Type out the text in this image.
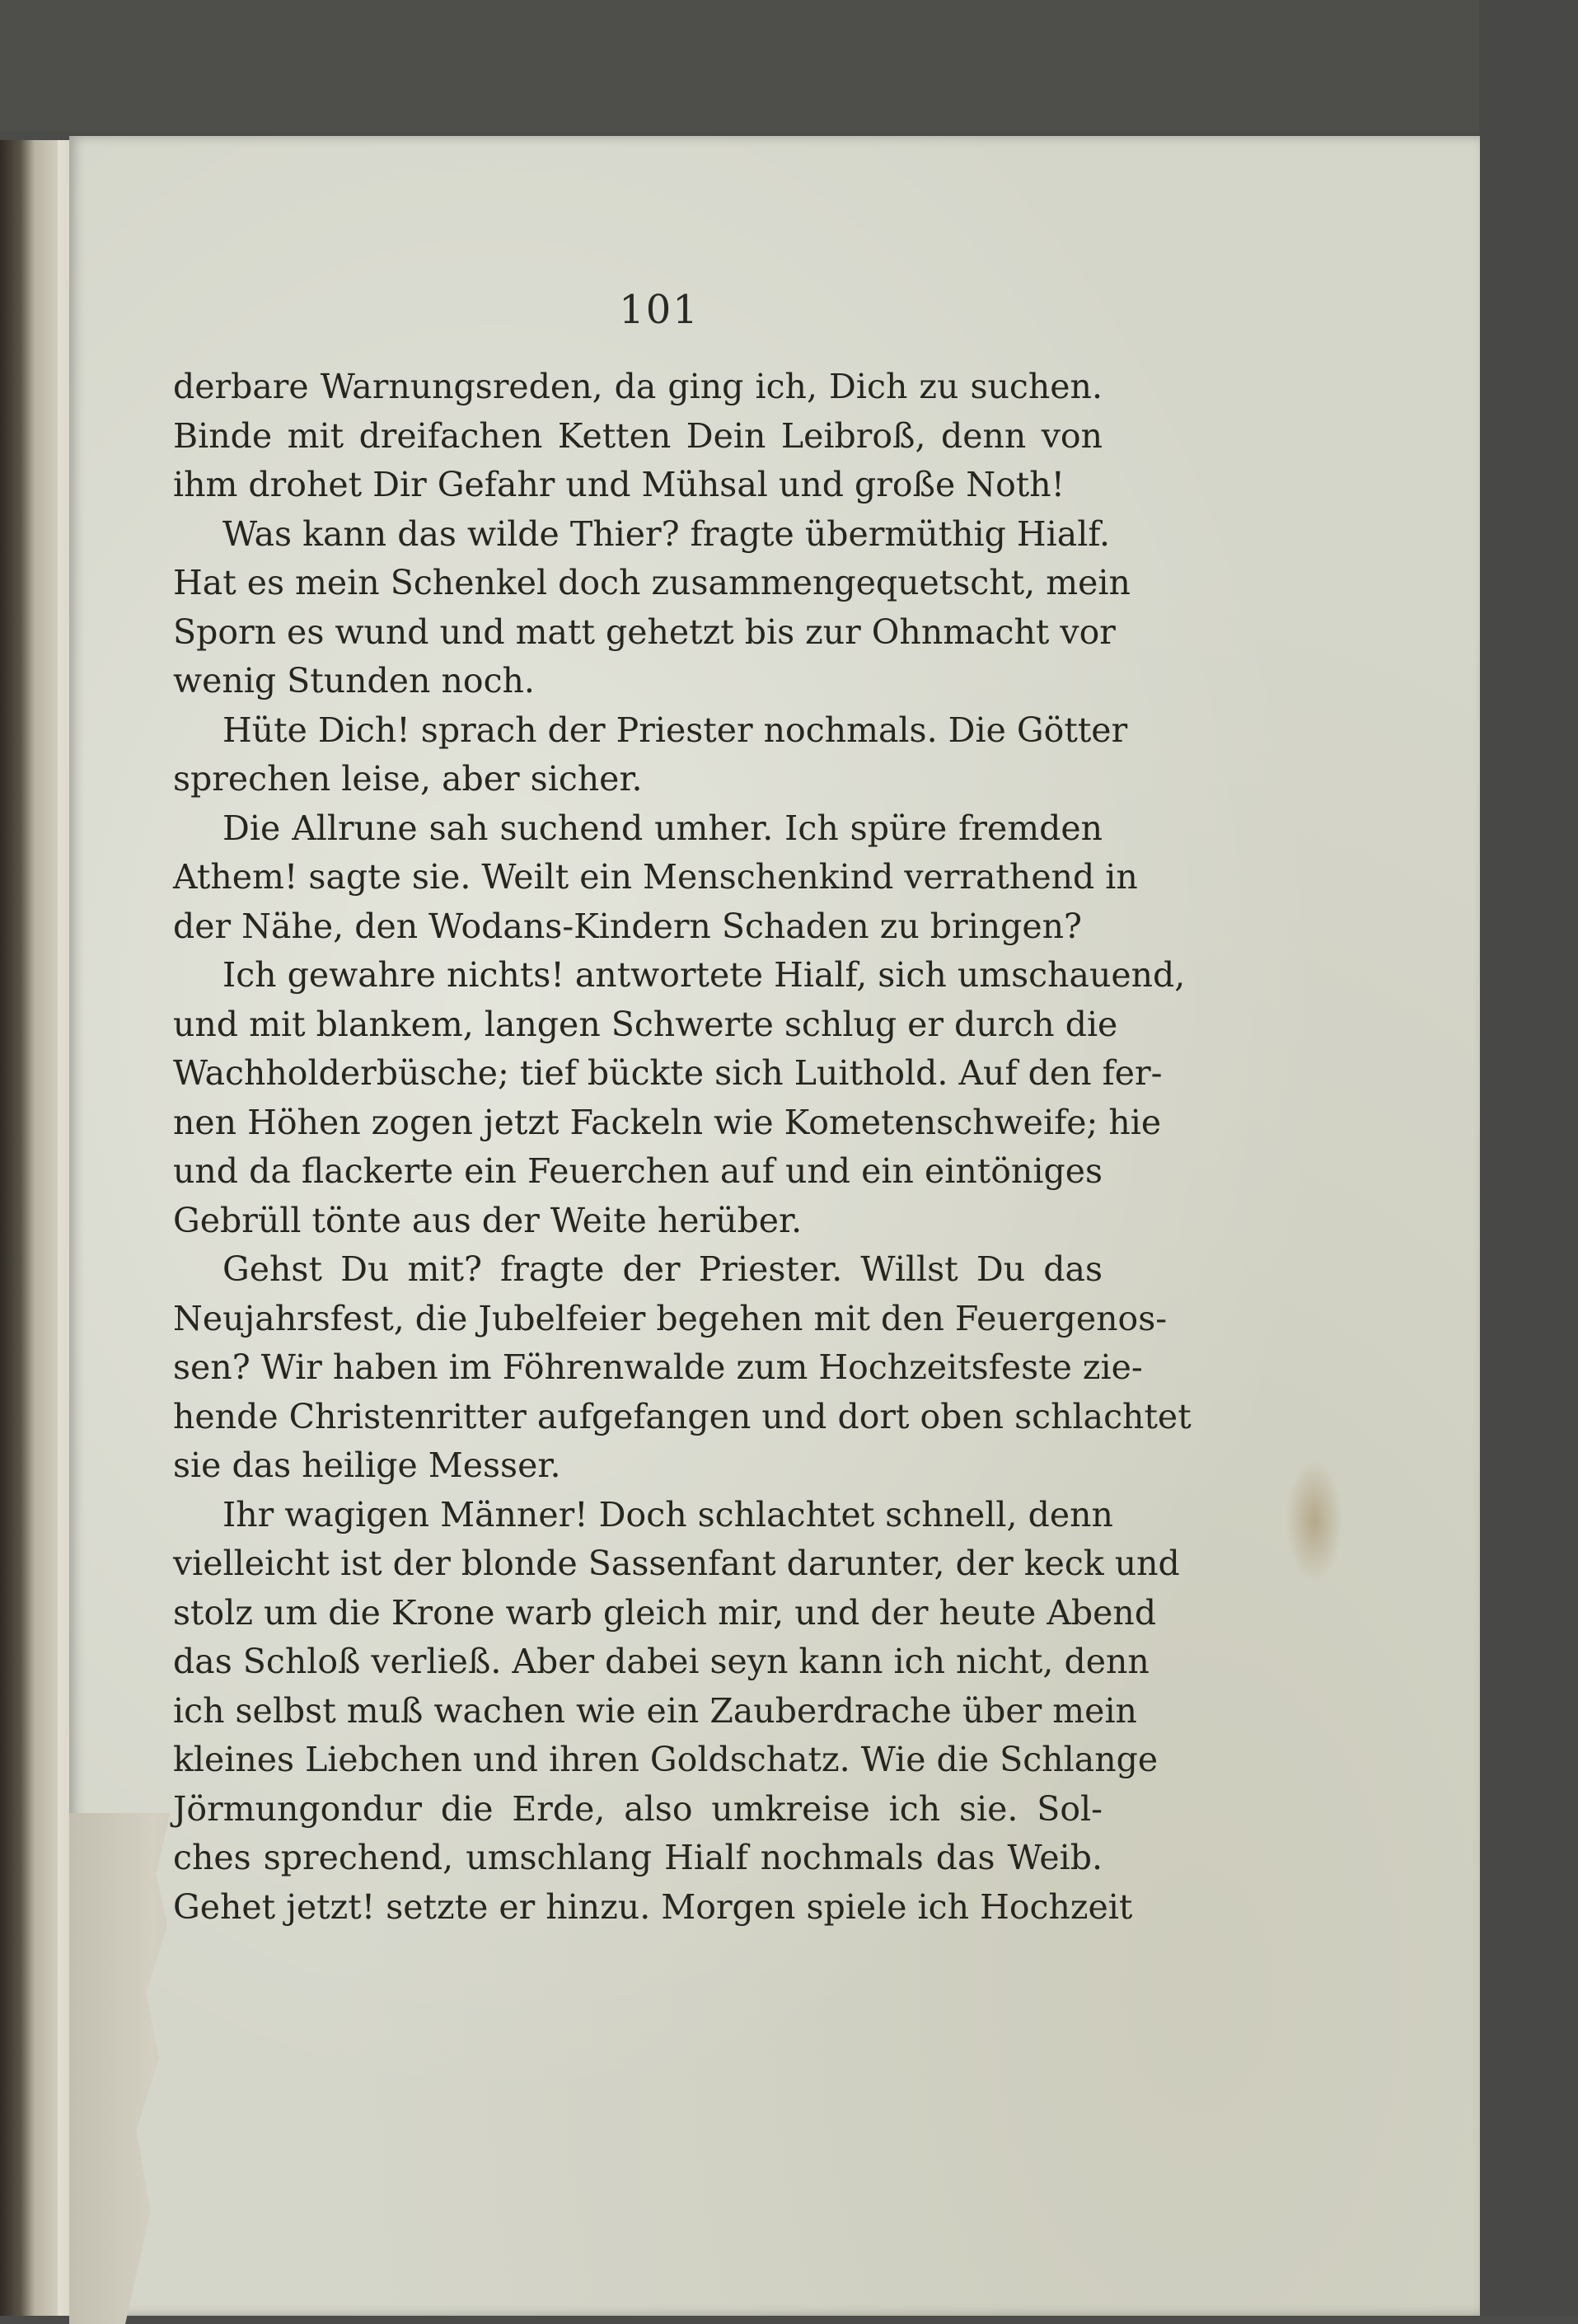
101
derbare Warnungsreden, da ging ich, Dich zu suchen.
Binde mit dreifachen Ketten Dein Leibroß, denn von
ihm drohet Dir Gefahr und Mühsal und große Noth!
Was kann das wilde Thier? fragte übermüthig Hialf.
Hat es mein Schenkel doch zusammengequetscht, mein
Sporn es wund und matt gehetzt bis zur Ohnmacht vor
wenig Stunden noch.
Hüte Dich! sprach der Priester nochmals. Die Götter
sprechen leise, aber sicher.
Die Allrune sah suchend umher. Ich spüre fremden
Athem! sagte sie. Weilt ein Menschenkind verrathend in
der Nähe, den Wodans-Kindern Schaden zu bringen?
Ich gewahre nichts! antwortete Hialf, sich umschauend,
und mit blankem, langen Schwerte schlug er durch die
Wachholderbüsche; tief bückte sich Luithold. Auf den fer-
nen Höhen zogen jetzt Fackeln wie Kometenschweife; hie
und da flackerte ein Feuerchen auf und ein eintöniges
Gebrüll tönte aus der Weite herüber.
Gehst Du mit? fragte der Priester. Willst Du das
Neujahrsfest, die Jubelfeier begehen mit den Feuergenos-
sen? Wir haben im Föhrenwalde zum Hochzeitsfeste zie-
hende Christenritter aufgefangen und dort oben schlachtet
sie das heilige Messer.
Ihr wagigen Männer! Doch schlachtet schnell, denn
vielleicht ist der blonde Sassenfant darunter, der keck und
stolz um die Krone warb gleich mir, und der heute Abend
das Schloß verließ. Aber dabei seyn kann ich nicht, denn
ich selbst muß wachen wie ein Zauberdrache über mein
kleines Liebchen und ihren Goldschatz. Wie die Schlange
Jörmungondur die Erde, also umkreise ich sie. Sol-
ches sprechend, umschlang Hialf nochmals das Weib.
Gehet jetzt! setzte er hinzu. Morgen spiele ich Hochzeit
